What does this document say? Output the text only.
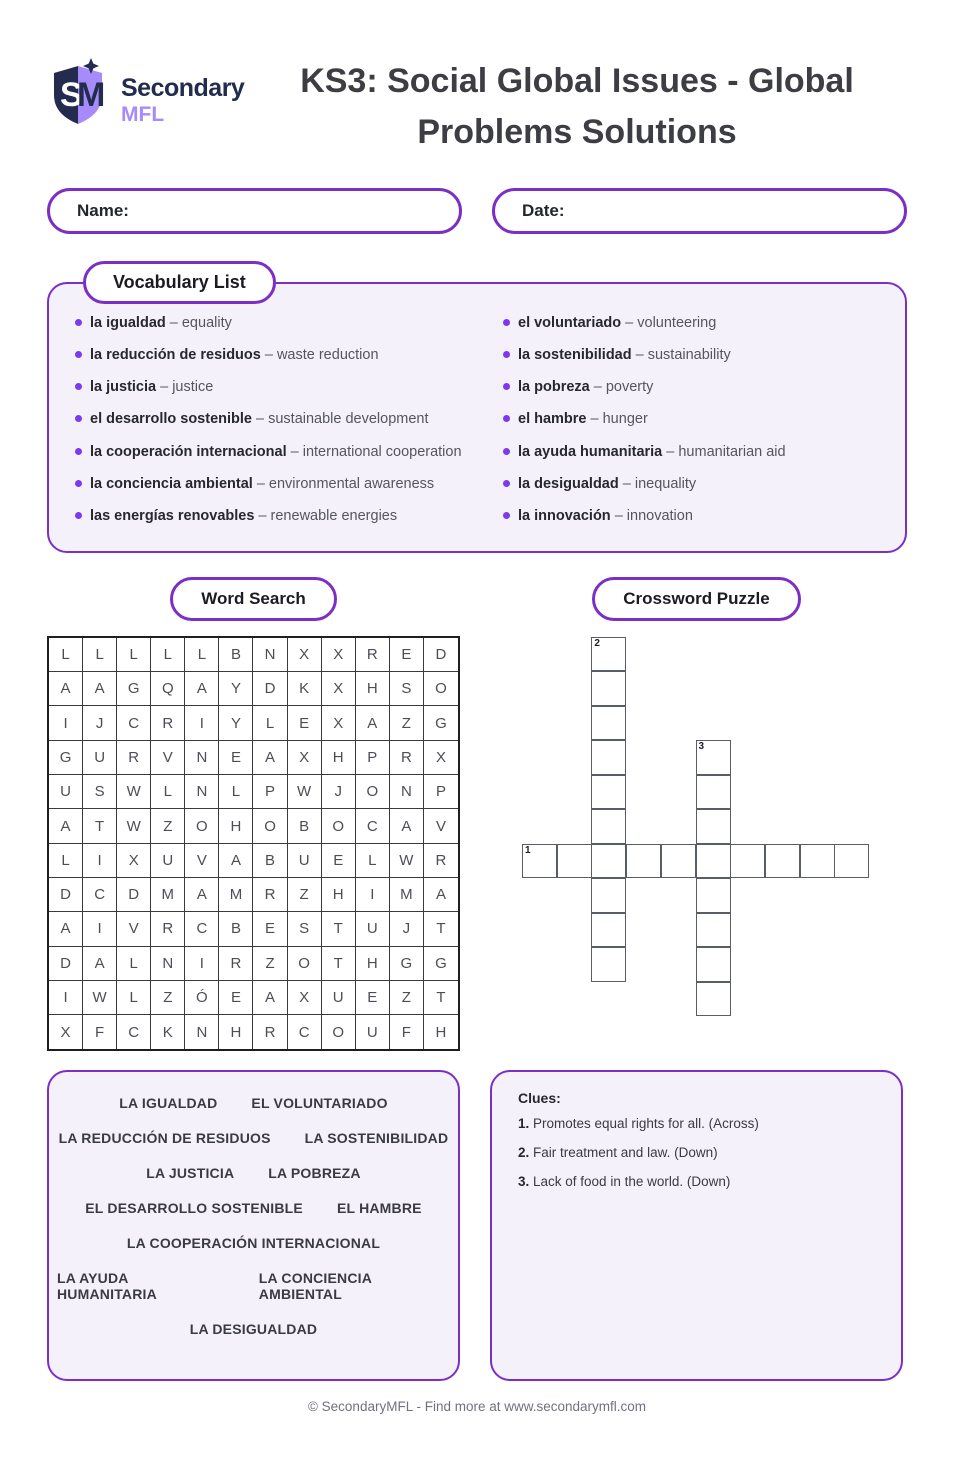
S
M Secondary
MFL
KS3: Social Global Issues - Global
Problems Solutions
Name:	Date:
Vocabulary List
la igualdad – equality
la reducción de residuos – waste reduction
la justicia – justice
el desarrollo sostenible – sustainable development
la cooperación internacional – international cooperation
la conciencia ambiental – environmental awareness
las energías renovables – renewable energies
el voluntariado – volunteering
la sostenibilidad – sustainability
la pobreza – poverty
el hambre – hunger
la ayuda humanitaria – humanitarian aid
la desigualdad – inequality
la innovación – innovation
Word Search
L	L	L	L	L	B	N	X	X	R	E	D
A	A	G	Q	A	Y	D	K	X	H	S	O
I	J	C	R	I	Y	L	E	X	A	Z	G
G	U	R	V	N	E	A	X	H	P	R	X
U	S	W	L	N	L	P	W	J	O	N	P
A	T	W	Z	O	H	O	B	O	C	A	V
L	I	X	U	V	A	B	U	E	L	W	R
D	C	D	M	A	M	R	Z	H	I	M	A
A	I	V	R	C	B	E	S	T	U	J	T
D	A	L	N	I	R	Z	O	T	H	G	G
I	W	L	Z	Ó	E	A	X	U	E	Z	T
X	F	C	K	N	H	R	C	O	U	F	H
Crossword Puzzle
1
2
3
LA IGUALDAD EL VOLUNTARIADO
LA REDUCCIÓN DE RESIDUOS LA SOSTENIBILIDAD
LA JUSTICIA LA POBREZA
EL DESARROLLO SOSTENIBLE EL HAMBRE
LA COOPERACIÓN INTERNACIONAL
LA AYUDA HUMANITARIA
LA CONCIENCIA AMBIENTAL
LA DESIGUALDAD
Clues:
1. Promotes equal rights for all. (Across)
2. Fair treatment and law. (Down)
3. Lack of food in the world. (Down)
© SecondaryMFL - Find more at www.secondarymfl.com
